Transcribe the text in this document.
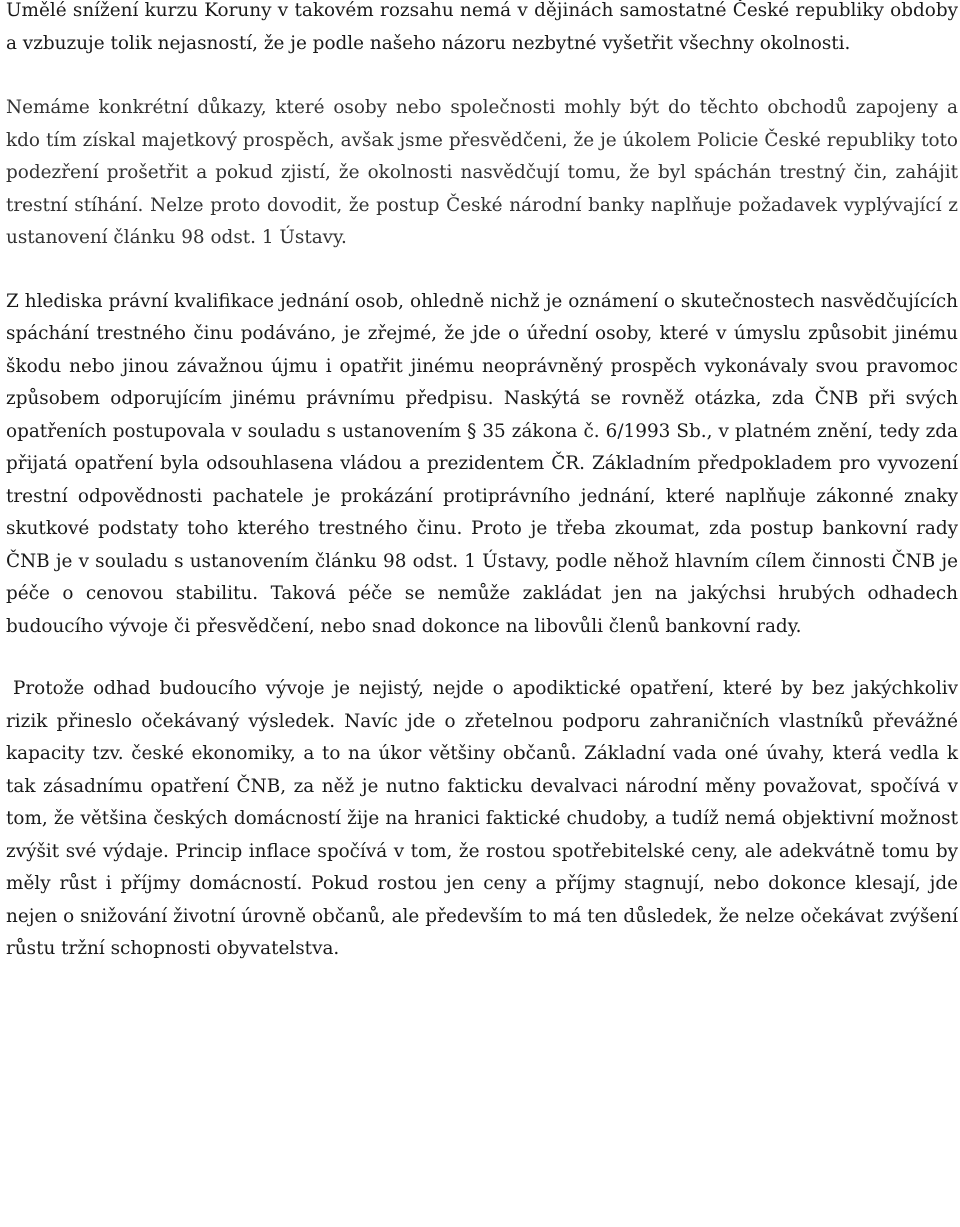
Umělé snížení kurzu Koruny v takovém rozsahu nemá v dějinách samostatné České republiky obdoby a vzbuzuje tolik nejasností, že je podle našeho názoru nezbytné vyšetřit všechny okolnosti.

Nemáme konkrétní důkazy, které osoby nebo společnosti mohly být do těchto obchodů zapojeny a kdo tím získal majetkový prospěch, avšak jsme přesvědčeni, že je úkolem Policie České republiky toto podezření prošetřit a pokud zjistí, že okolnosti nasvědčují tomu, že byl spáchán trestný čin, zahájit trestní stíhání. Nelze proto dovodit, že postup České národní banky naplňuje požadavek vyplývající z ustanovení článku 98 odst. 1 Ústavy.

Z hlediska právní kvalifikace jednání osob, ohledně nichž je oznámení o skutečnostech nasvědčujících spáchání trestného činu podáváno, je zřejmé, že jde o úřední osoby, které v úmyslu způsobit jinému škodu nebo jinou závažnou újmu i opatřit jinému neoprávněný prospěch vykonávaly svou pravomoc způsobem odporujícím jinému právnímu předpisu. Naskýtá se rovněž otázka, zda ČNB při svých opatřeních postupovala v souladu s ustanovením § 35 zákona č. 6/1993 Sb., v platném znění, tedy zda přijatá opatření byla odsouhlasena vládou a prezidentem ČR. Základním předpokladem pro vyvození trestní odpovědnosti pachatele je prokázání protiprávního jednání, které naplňuje zákonné znaky skutkové podstaty toho kterého trestného činu. Proto je třeba zkoumat, zda postup bankovní rady ČNB je v souladu s ustanovením článku 98 odst. 1 Ústavy, podle něhož hlavním cílem činnosti ČNB je péče o cenovou stabilitu. Taková péče se nemůže zakládat jen na jakýchsi hrubých odhadech budoucího vývoje či přesvědčení, nebo snad dokonce na libovůli členů bankovní rady.

Protože odhad budoucího vývoje je nejistý, nejde o apodiktické opatření, které by bez jakýchkoliv rizik přineslo očekávaný výsledek. Navíc jde o zřetelnou podporu zahraničních vlastníků převážné kapacity tzv. české ekonomiky, a to na úkor většiny občanů. Základní vada oné úvahy, která vedla k tak zásadnímu opatření ČNB, za něž je nutno fakticku devalvaci národní měny považovat, spočívá v tom, že většina českých domácností žije na hranici faktické chudoby, a tudíž nemá objektivní možnost zvýšit své výdaje. Princip inflace spočívá v tom, že rostou spotřebitelské ceny, ale adekvátně tomu by měly růst i příjmy domácností. Pokud rostou jen ceny a příjmy stagnují, nebo dokonce klesají, jde nejen o snižování životní úrovně občanů, ale především to má ten důsledek, že nelze očekávat zvýšení růstu tržní schopnosti obyvatelstva.
